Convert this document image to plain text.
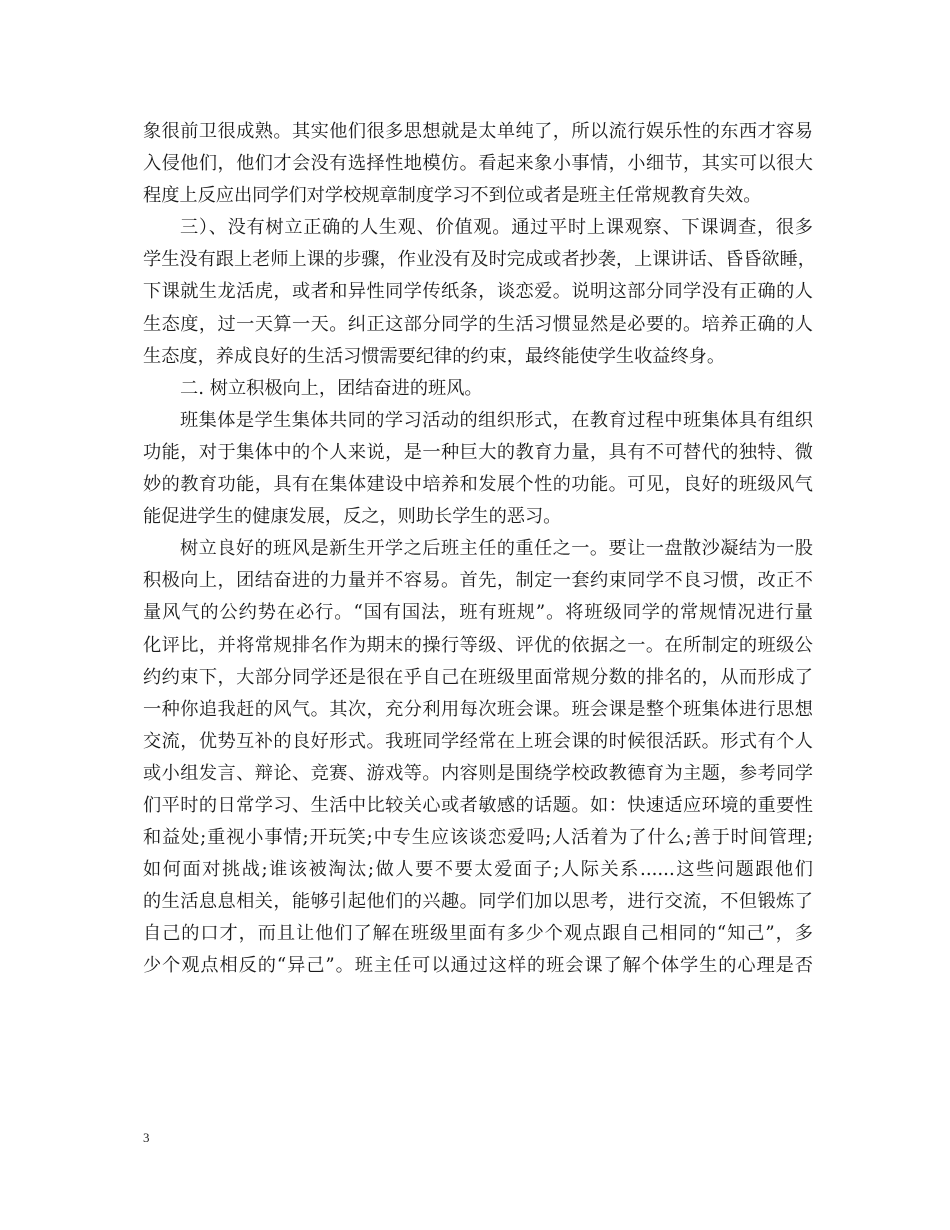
象很前卫很成熟。其实他们很多思想就是太单纯了，所以流行娱乐性的东西才容易
入侵他们，他们才会没有选择性地模仿。看起来象小事情，小细节，其实可以很大
程度上反应出同学们对学校规章制度学习不到位或者是班主任常规教育失效。
三）、没有树立正确的人生观、价值观。通过平时上课观察、下课调查，很多
学生没有跟上老师上课的步骤，作业没有及时完成或者抄袭，上课讲话、昏昏欲睡，
下课就生龙活虎，或者和异性同学传纸条，谈恋爱。说明这部分同学没有正确的人
生态度，过一天算一天。纠正这部分同学的生活习惯显然是必要的。培养正确的人
生态度，养成良好的生活习惯需要纪律的约束，最终能使学生收益终身。
二. 树立积极向上，团结奋进的班风。
班集体是学生集体共同的学习活动的组织形式，在教育过程中班集体具有组织
功能，对于集体中的个人来说，是一种巨大的教育力量，具有不可替代的独特、微
妙的教育功能，具有在集体建设中培养和发展个性的功能。可见，良好的班级风气
能促进学生的健康发展，反之，则助长学生的恶习。
树立良好的班风是新生开学之后班主任的重任之一。要让一盘散沙凝结为一股
积极向上，团结奋进的力量并不容易。首先，制定一套约束同学不良习惯，改正不
量风气的公约势在必行。“国有国法，班有班规”。将班级同学的常规情况进行量
化评比，并将常规排名作为期末的操行等级、评优的依据之一。在所制定的班级公
约约束下，大部分同学还是很在乎自己在班级里面常规分数的排名的，从而形成了
一种你追我赶的风气。其次，充分利用每次班会课。班会课是整个班集体进行思想
交流，优势互补的良好形式。我班同学经常在上班会课的时候很活跃。形式有个人
或小组发言、辩论、竞赛、游戏等。内容则是围绕学校政教德育为主题，参考同学
们平时的日常学习、生活中比较关心或者敏感的话题。如：快速适应环境的重要性
和益处;重视小事情;开玩笑;中专生应该谈恋爱吗;人活着为了什么;善于时间管理;
如何面对挑战;谁该被淘汰;做人要不要太爱面子;人际关系......这些问题跟他们
的生活息息相关，能够引起他们的兴趣。同学们加以思考，进行交流，不但锻炼了
自己的口才，而且让他们了解在班级里面有多少个观点跟自己相同的“知己”，多
少个观点相反的“异己”。班主任可以通过这样的班会课了解个体学生的心理是否
3
